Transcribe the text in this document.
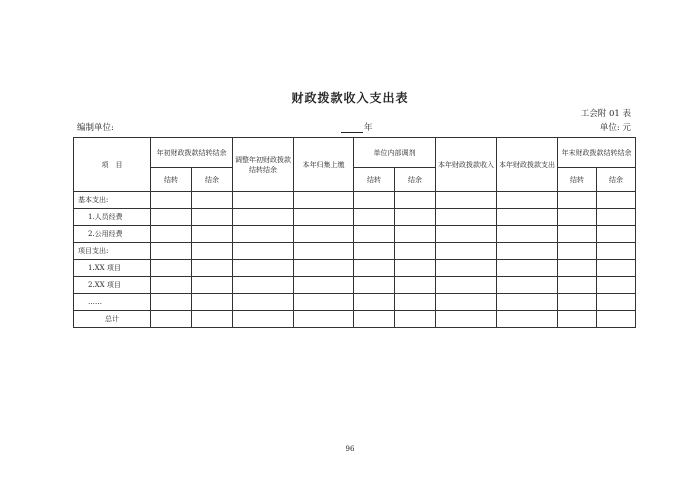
财政拨款收入支出表
工会附 01 表
编制单位:	年	单位: 元
项　目	年初财政拨款结转结余		调整年初财政拨款结转结余	本年归集上缴	单位内部调剂		本年财政拨款收入	本年财政拨款支出	年末财政拨款结转结余	
	结转	结余			结转	结余			结转	结余
基本支出:										
1.人员经费										
2.公用经费										
项目支出:										
1.XX 项目										
2.XX 项目										
……										
总计										
96
